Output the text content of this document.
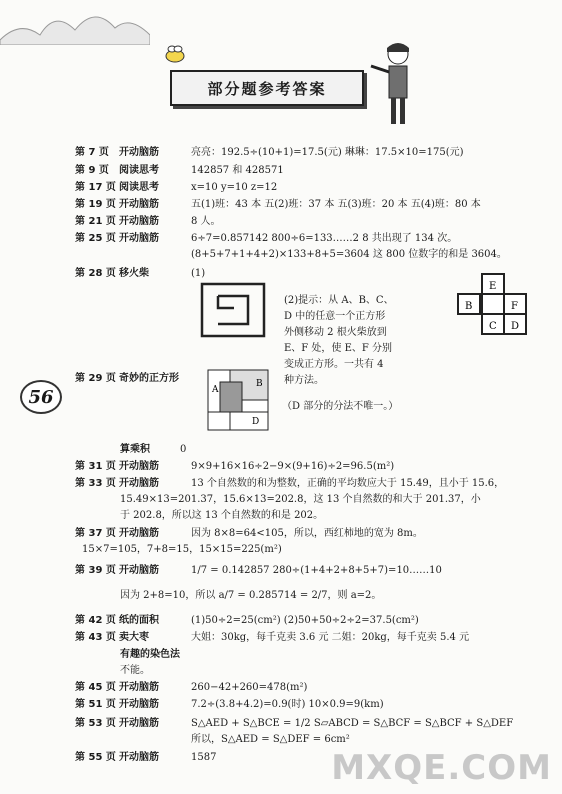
部分题参考答案
第 7 页 开动脑筋	亮亮：192.5÷(10+1)=17.5(元) 琳琳：17.5×10=175(元)
第 9 页 阅读思考	142857 和 428571
第 17 页 阅读思考	x=10 y=10 z=12
第 19 页 开动脑筋	五(1)班：43 本 五(2)班：37 本 五(3)班：20 本 五(4)班：80 本
第 21 页 开动脑筋	8 人。
第 25 页 开动脑筋	6÷7=0.857142 800÷6=133……2 8 共出现了 134 次。
(8+5+7+1+4+2)×133+8+5=3604 这 800 位数字的和是 3604。
第 28 页 移火柴	(1)
(2)提示：从 A、B、C、D 中的任意一个正方形外侧移动 2 根火柴放到 E、F 处，使 E、F 分别变成正方形。一共有 4 种方法。
E
B	F
C D
56
第 29 页 奇妙的正方形
A
B
D
（D 部分的分法不唯一。）
算乘积	0
第 31 页 开动脑筋	9×9+16×16÷2−9×(9+16)÷2=96.5(m²)
第 33 页 开动脑筋	13 个自然数的和为整数，正确的平均数应大于 15.49，且小于 15.6，
15.49×13=201.37，15.6×13=202.8，这 13 个自然数的和大于 201.37，小
于 202.8，所以这 13 个自然数的和是 202。
第 37 页 开动脑筋	因为 8×8=64<105，所以，西红柿地的宽为 8m。
15×7=105，7+8=15，15×15=225(m²)
第 39 页 开动脑筋	1/7 = 0.142857 280÷(1+4+2+8+5+7)=10……10
因为 2+8=10，所以 a/7 = 0.285714 = 2/7，则 a=2。
第 42 页 纸的面积	(1)50÷2=25(cm²) (2)50+50÷2÷2=37.5(cm²)
第 43 页 卖大枣	大姐：30kg，每千克卖 3.6 元 二姐：20kg，每千克卖 5.4 元
有趣的染色法
不能。
第 45 页 开动脑筋	260−42+260=478(m²)
第 51 页 开动脑筋	7.2÷(3.8+4.2)=0.9(时) 10×0.9=9(km)
第 53 页 开动脑筋	S△AED + S△BCE = 1/2 S▱ABCD = S△BCF = S△BCF + S△DEF
所以，S△AED = S△DEF = 6cm²
第 55 页 开动脑筋	1587	MXQE.COM
